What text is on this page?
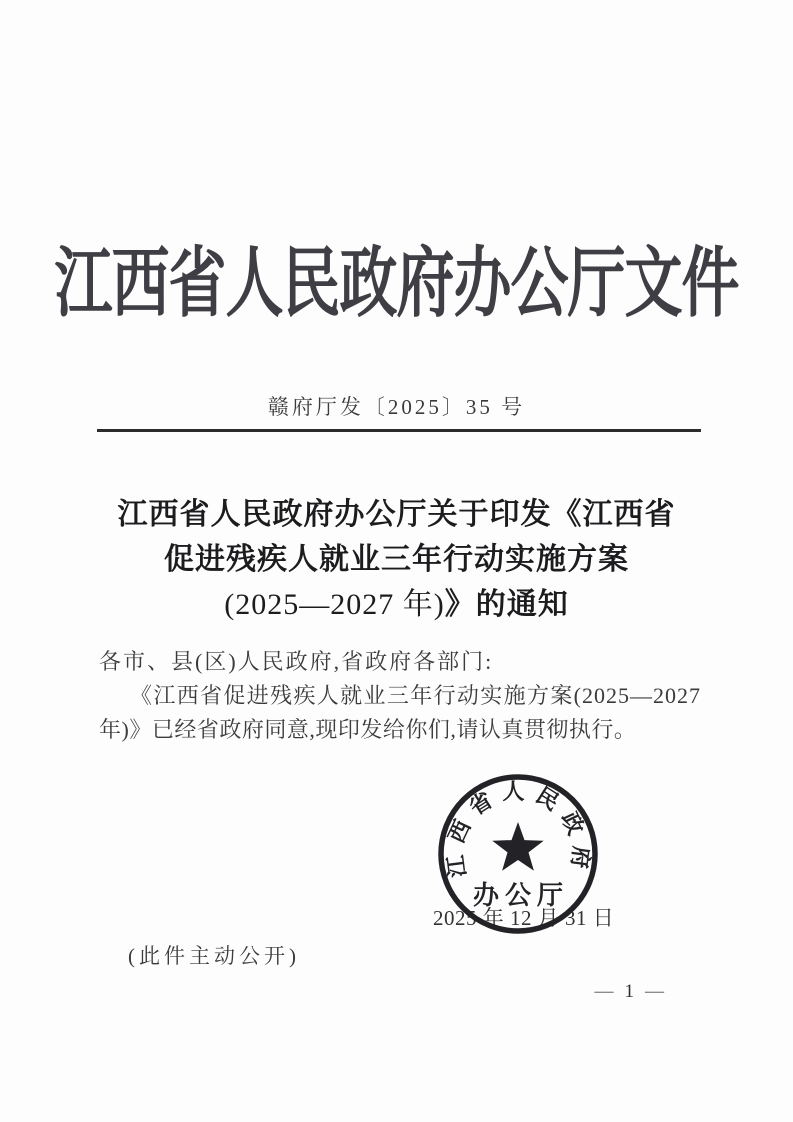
江西省人民政府办公厅文件
赣府厅发〔2025〕35 号
江西省人民政府办公厅关于印发《江西省
促进残疾人就业三年行动实施方案
(2025—2027 年)》的通知
各市、县(区)人民政府,省政府各部门:
《江西省促进残疾人就业三年行动实施方案(2025—2027
年)》已经省政府同意,现印发给你们,请认真贯彻执行。
2025 年 12 月 31 日
江西省人民政府
办公厅
(此件主动公开)
— 1 —
